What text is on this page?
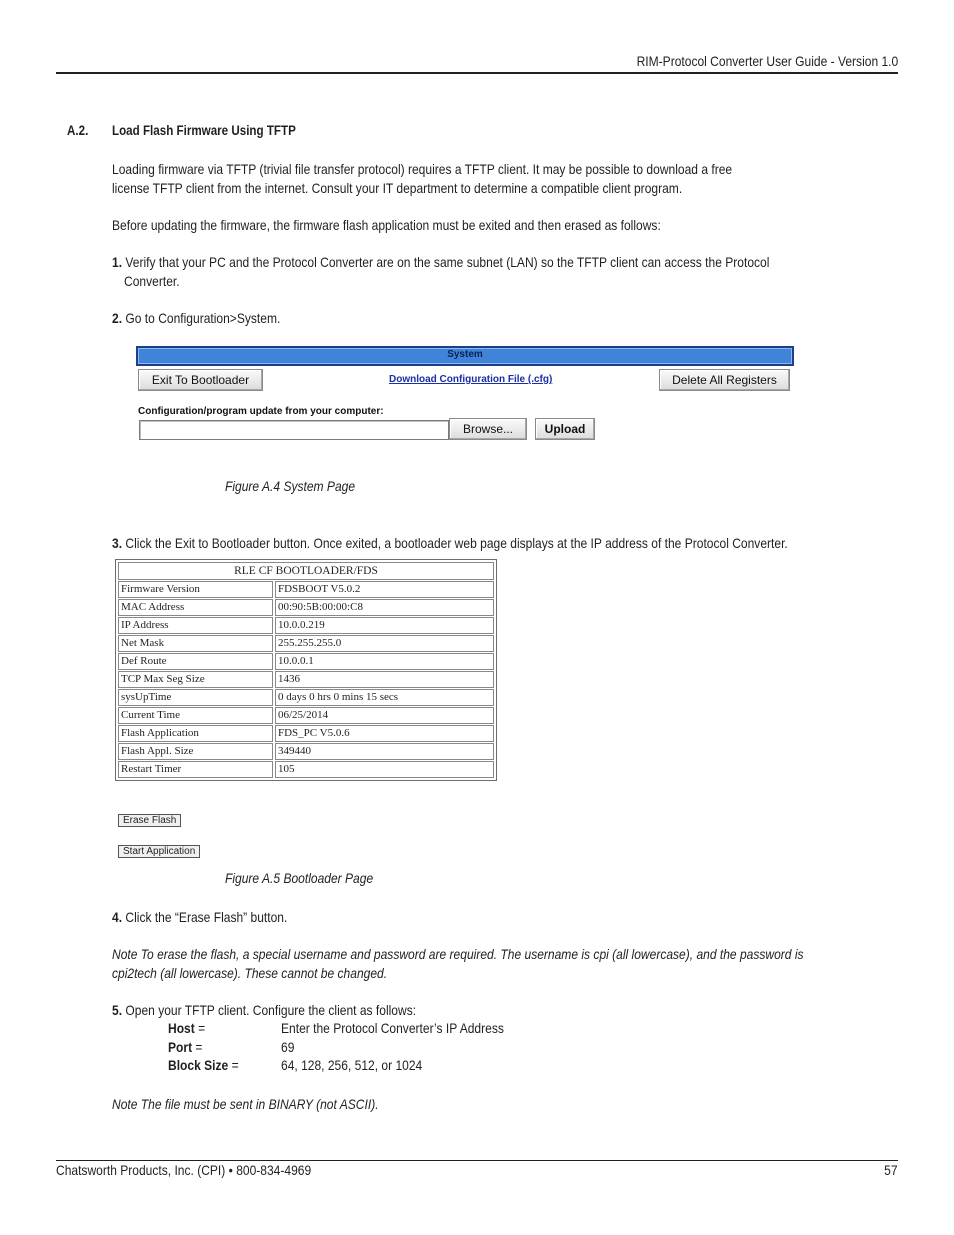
RIM-Protocol Converter User Guide - Version 1.0
A.2. Load Flash Firmware Using TFTP
Loading firmware via TFTP (trivial file transfer protocol) requires a TFTP client. It may be possible to download a free
license TFTP client from the internet. Consult your IT department to determine a compatible client program.
Before updating the firmware, the firmware flash application must be exited and then erased as follows:
1. Verify that your PC and the Protocol Converter are on the same subnet (LAN) so the TFTP client can access the Protocol
Converter.
2. Go to Configuration>System.
System
Exit To Bootloader	Download Configuration File (.cfg)	Delete All Registers
Configuration/program update from your computer:
Browse...	Upload
Figure A.4 System Page
3. Click the Exit to Bootloader button. Once exited, a bootloader web page displays at the IP address of the Protocol Converter.
RLE CF BOOTLOADER/FDS
Firmware Version	FDSBOOT V5.0.2
MAC Address	00:90:5B:00:00:C8
IP Address	10.0.0.219
Net Mask	255.255.255.0
Def Route	10.0.0.1
TCP Max Seg Size	1436
sysUpTime	0 days 0 hrs 0 mins 15 secs
Current Time	06/25/2014
Flash Application	FDS_PC V5.0.6
Flash Appl. Size	349440
Restart Timer	105
Erase Flash
Start Application
Figure A.5 Bootloader Page
4. Click the “Erase Flash” button.
Note To erase the flash, a special username and password are required. The username is cpi (all lowercase), and the password is
cpi2tech (all lowercase). These cannot be changed.
5. Open your TFTP client. Configure the client as follows:
Host =	Enter the Protocol Converter’s IP Address
Port =	69
Block Size =	64, 128, 256, 512, or 1024
Note The file must be sent in BINARY (not ASCII).
Chatsworth Products, Inc. (CPI) • 800-834-4969	57
